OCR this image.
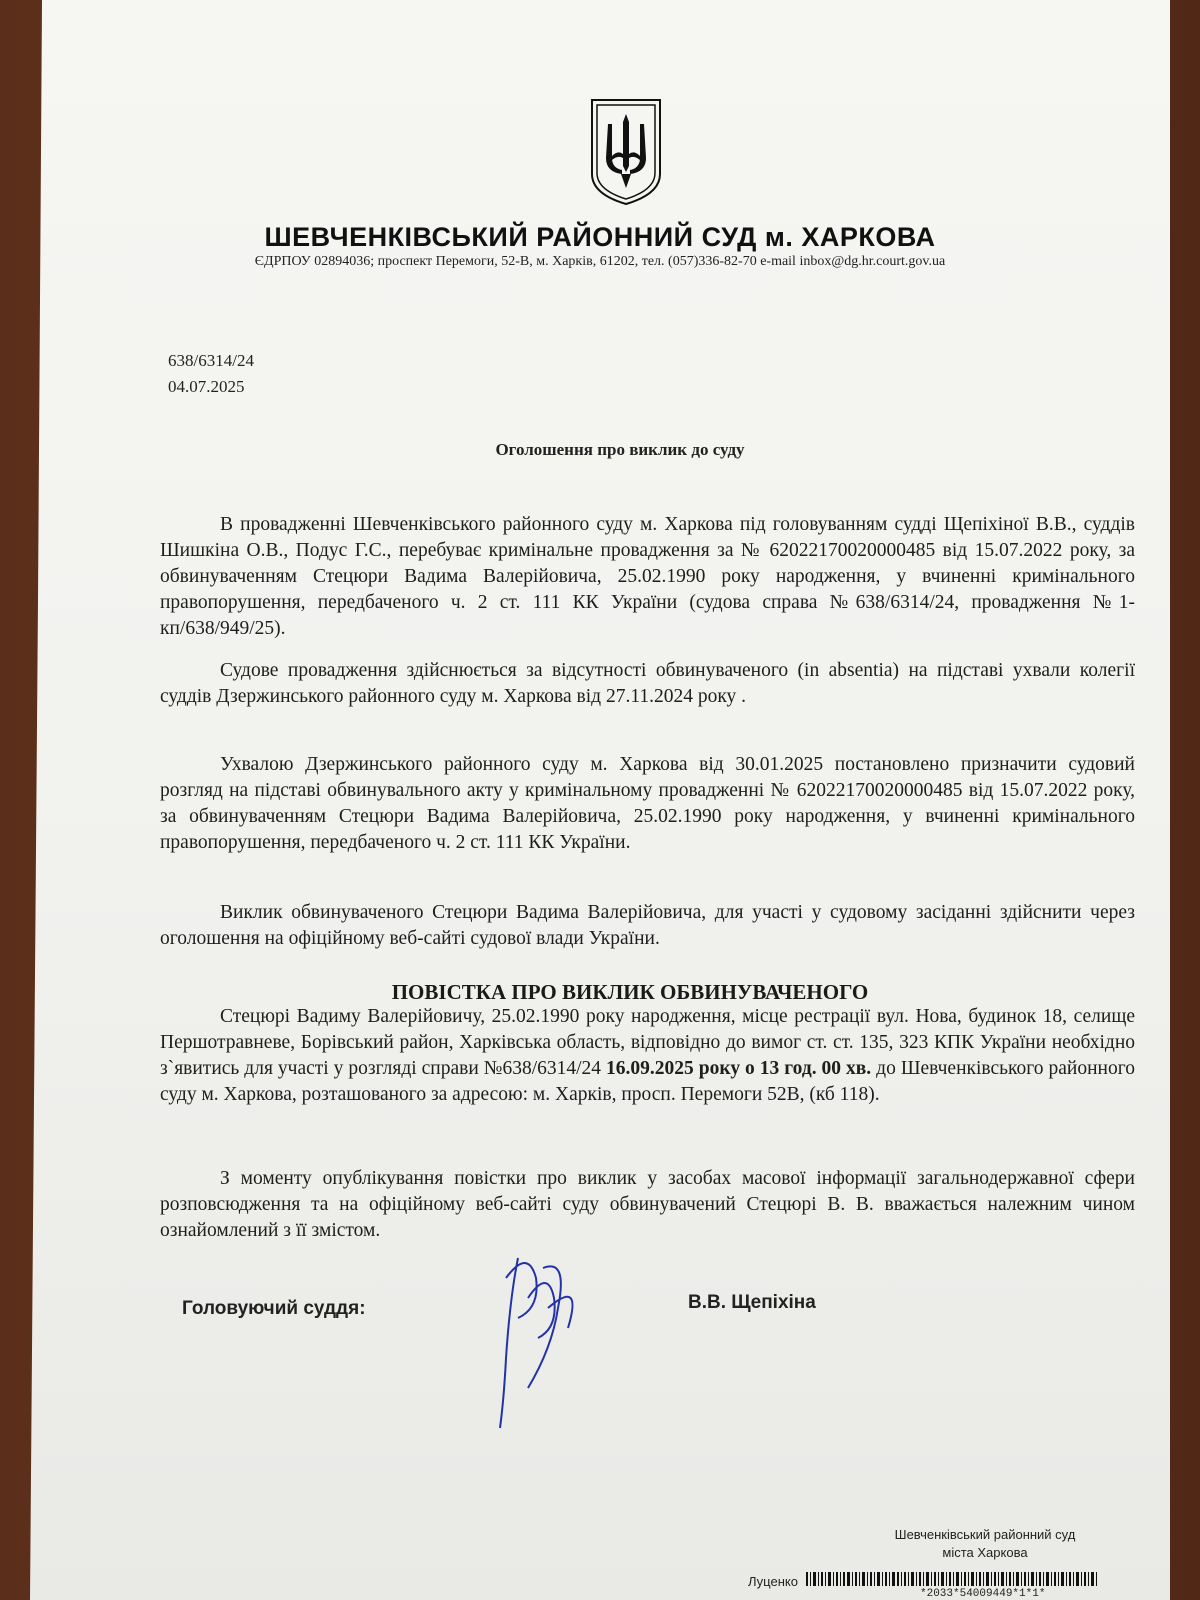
ШЕВЧЕНКІВСЬКИЙ РАЙОННИЙ СУД м. ХАРКОВА
ЄДРПОУ 02894036; проспект Перемоги, 52-В, м. Харків, 61202, тел. (057)336-82-70 e-mail inbox@dg.hr.court.gov.ua
638/6314/24
04.07.2025
Оголошення про виклик до суду
В провадженні Шевченківського районного суду м. Харкова під головуванням судді Щепіхіної В.В., суддів Шишкіна О.В., Подус Г.С., перебуває кримінальне провадження за № 62022170020000485 від 15.07.2022 року, за обвинуваченням Стецюри Вадима Валерійовича, 25.02.1990 року народження, у вчиненні кримінального правопорушення, передбаченого ч. 2 ст. 111 КК України (судова справа №638/6314/24, провадження №1-кп/638/949/25).
Судове провадження здійснюється за відсутності обвинуваченого (in absentia) на підставі ухвали колегії суддів Дзержинського районного суду м. Харкова від 27.11.2024 року .
Ухвалою Дзержинського районного суду м. Харкова від 30.01.2025 постановлено призначити судовий розгляд на підставі обвинувального акту у кримінальному провадженні № 62022170020000485 від 15.07.2022 року, за обвинуваченням Стецюри Вадима Валерійовича, 25.02.1990 року народження, у вчиненні кримінального правопорушення, передбаченого ч. 2 ст. 111 КК України.
Виклик обвинуваченого Стецюри Вадима Валерійовича, для участі у судовому засіданні здійснити через оголошення на офіційному веб-сайті судової влади України.
ПОВІСТКА ПРО ВИКЛИК ОБВИНУВАЧЕНОГО
Стецюрі Вадиму Валерійовичу, 25.02.1990 року народження, місце рестрації вул. Нова, будинок 18, селище Першотравневе, Борівський район, Харківська область, відповідно до вимог ст. ст. 135, 323 КПК України необхідно з`явитись для участі у розгляді справи №638/6314/24 16.09.2025 року о 13 год. 00 хв. до Шевченківського районного суду м. Харкова, розташованого за адресою: м. Харків, просп. Перемоги 52В, (кб 118).
З моменту опублікування повістки про виклик у засобах масової інформації загальнодержавної сфери розповсюдження та на офіційному веб-сайті суду обвинувачений Стецюрі В. В. вважається належним чином ознайомлений з її змістом.
Головуючий суддя:	В.В. Щепіхіна
Шевченківський районний суд
міста Харкова
Луценко
*2033*54009449*1*1*
